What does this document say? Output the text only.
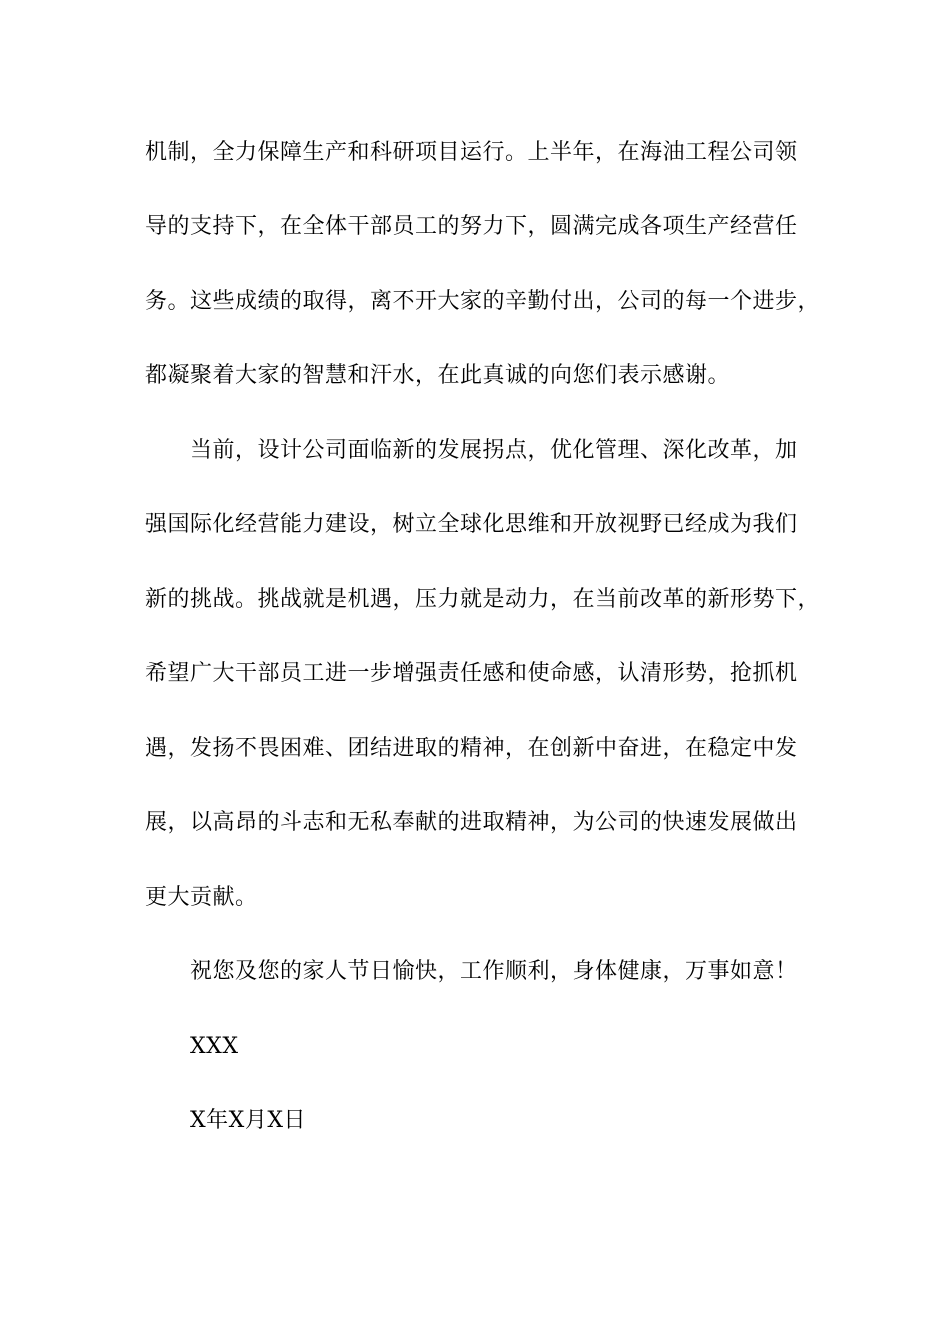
机制，全力保障生产和科研项目运行。上半年，在海油工程公司领
导的支持下，在全体干部员工的努力下，圆满完成各项生产经营任
务。这些成绩的取得，离不开大家的辛勤付出，公司的每一个进步，
都凝聚着大家的智慧和汗水，在此真诚的向您们表示感谢。
当前，设计公司面临新的发展拐点，优化管理、深化改革，加
强国际化经营能力建设，树立全球化思维和开放视野已经成为我们
新的挑战。挑战就是机遇，压力就是动力，在当前改革的新形势下，
希望广大干部员工进一步增强责任感和使命感，认清形势，抢抓机
遇，发扬不畏困难、团结进取的精神，在创新中奋进，在稳定中发
展，以高昂的斗志和无私奉献的进取精神，为公司的快速发展做出
更大贡献。
祝您及您的家人节日愉快，工作顺利，身体健康，万事如意！
XXX
X年X月X日
